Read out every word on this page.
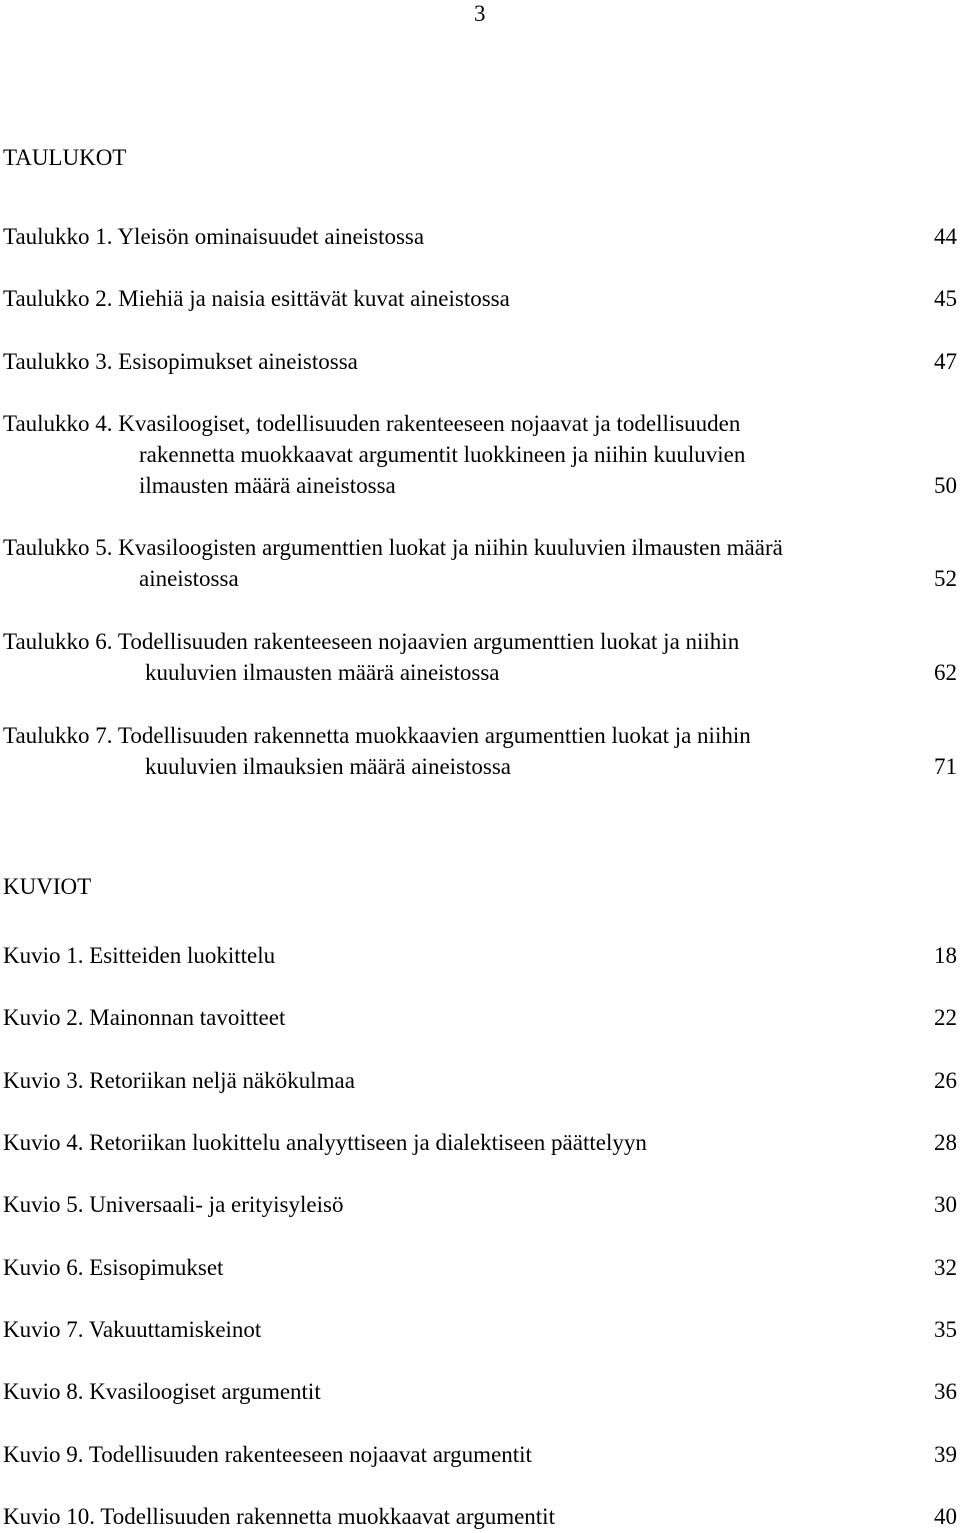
3
TAULUKOT
Taulukko 1. Yleisön ominaisuudet aineistossa	44
Taulukko 2. Miehiä ja naisia esittävät kuvat aineistossa	45
Taulukko 3. Esisopimukset aineistossa	47
Taulukko 4. Kvasiloogiset, todellisuuden rakenteeseen nojaavat ja todellisuuden
rakennetta muokkaavat argumentit luokkineen ja niihin kuuluvien
ilmausten määrä aineistossa	50
Taulukko 5. Kvasiloogisten argumenttien luokat ja niihin kuuluvien ilmausten määrä
aineistossa	52
Taulukko 6. Todellisuuden rakenteeseen nojaavien argumenttien luokat ja niihin
kuuluvien ilmausten määrä aineistossa	62
Taulukko 7. Todellisuuden rakennetta muokkaavien argumenttien luokat ja niihin
kuuluvien ilmauksien määrä aineistossa	71
KUVIOT
Kuvio 1. Esitteiden luokittelu	18
Kuvio 2. Mainonnan tavoitteet	22
Kuvio 3. Retoriikan neljä näkökulmaa	26
Kuvio 4. Retoriikan luokittelu analyyttiseen ja dialektiseen päättelyyn	28
Kuvio 5. Universaali- ja erityisyleisö	30
Kuvio 6. Esisopimukset	32
Kuvio 7. Vakuuttamiskeinot	35
Kuvio 8. Kvasiloogiset argumentit	36
Kuvio 9. Todellisuuden rakenteeseen nojaavat argumentit	39
Kuvio 10. Todellisuuden rakennetta muokkaavat argumentit	40
